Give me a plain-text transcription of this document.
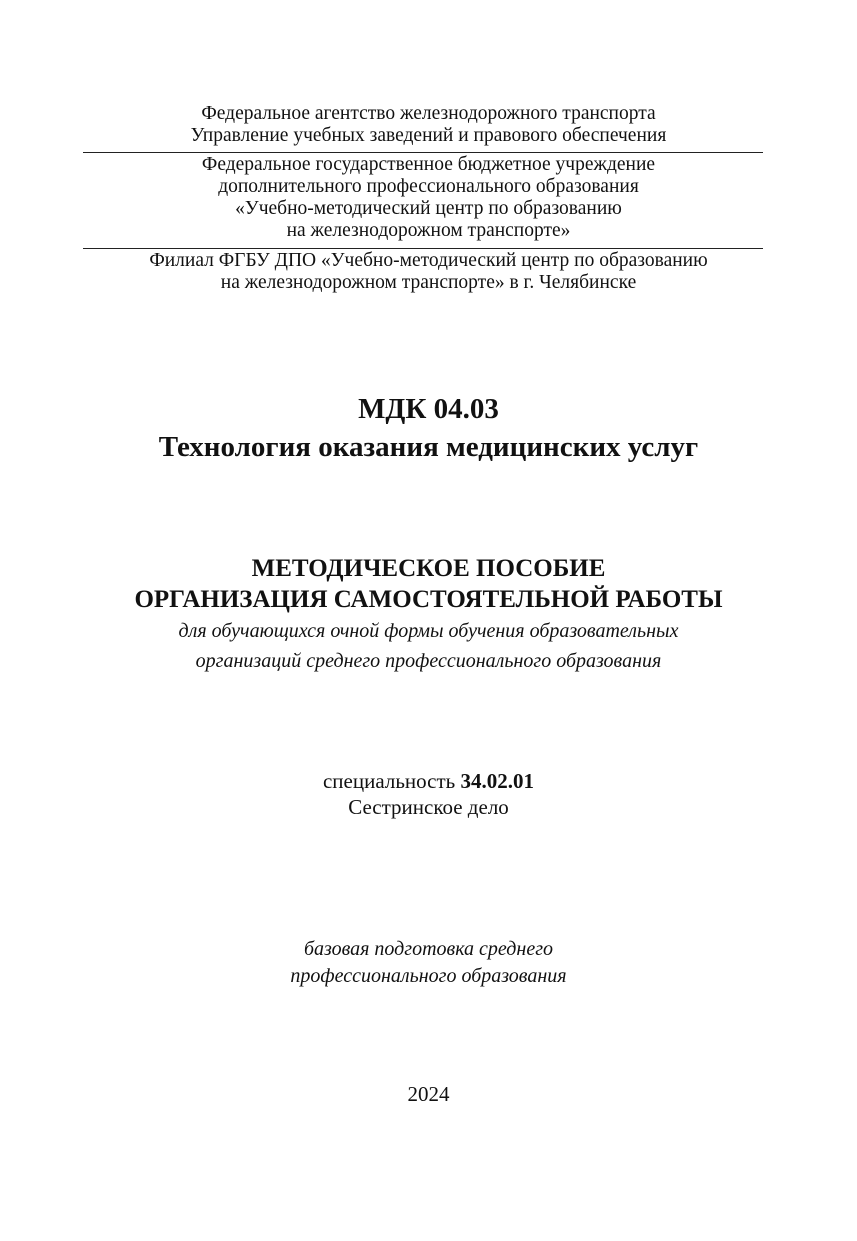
Федеральное агентство железнодорожного транспорта
Управление учебных заведений и правового обеспечения
Федеральное государственное бюджетное учреждение
дополнительного профессионального образования
«Учебно-методический центр по образованию
на железнодорожном транспорте»
Филиал ФГБУ ДПО «Учебно-методический центр по образованию
на железнодорожном транспорте» в г. Челябинске
МДК 04.03
Технология оказания медицинских услуг
МЕТОДИЧЕСКОЕ ПОСОБИЕ
ОРГАНИЗАЦИЯ САМОСТОЯТЕЛЬНОЙ РАБОТЫ
для обучающихся очной формы обучения образовательных
организаций среднего профессионального образования
специальность 34.02.01
Сестринское дело
базовая подготовка среднего
профессионального образования
2024
